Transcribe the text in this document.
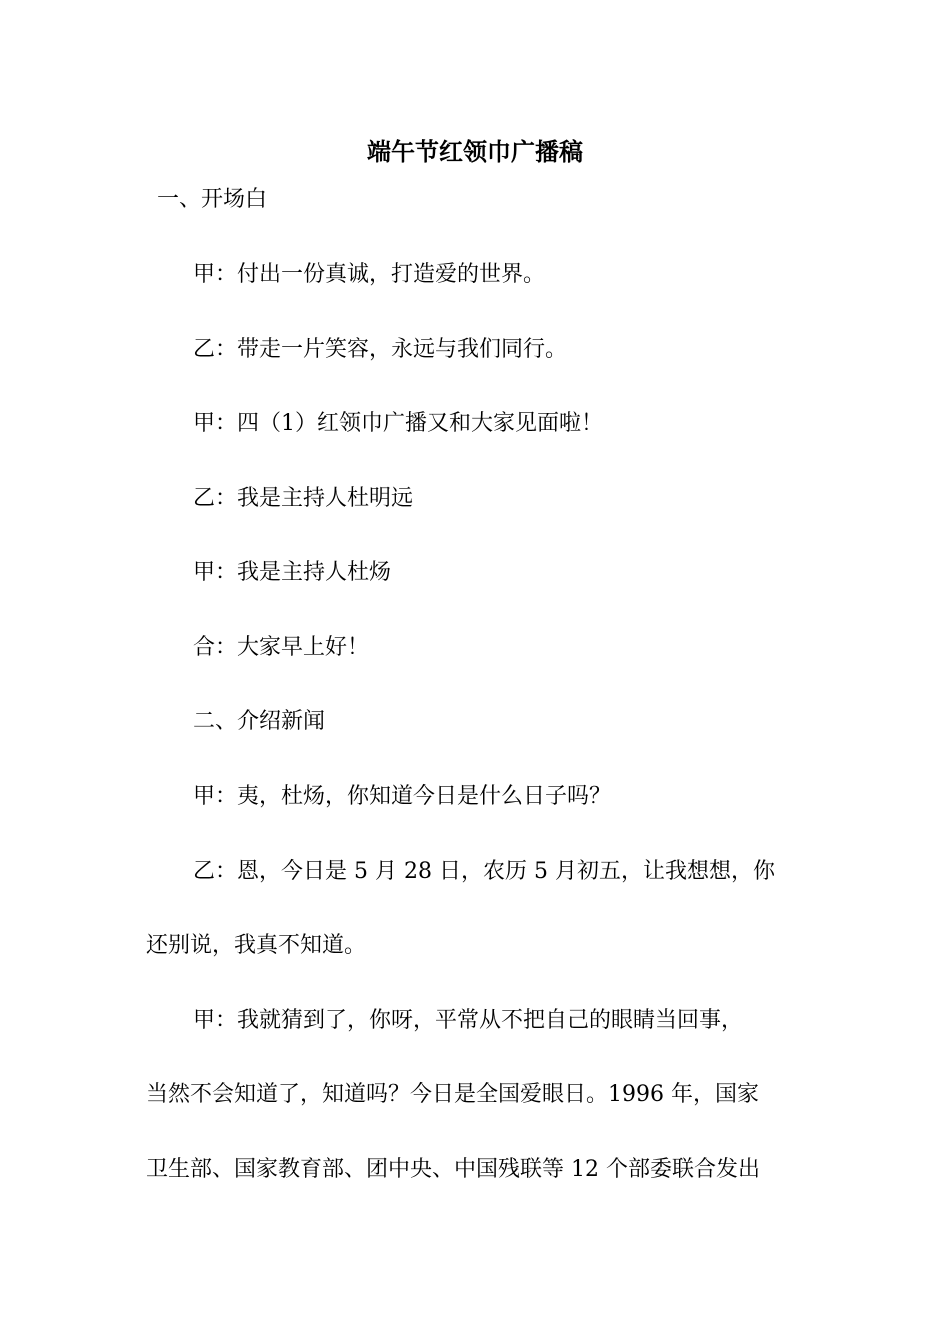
端午节红领巾广播稿
一、开场白
甲：付出一份真诚，打造爱的世界。
乙：带走一片笑容，永远与我们同行。
甲：四（1）红领巾广播又和大家见面啦！
乙：我是主持人杜明远
甲：我是主持人杜炀
合：大家早上好！
二、介绍新闻
甲：夷，杜炀，你知道今日是什么日子吗？
乙：恩，今日是 5 月 28 日，农历 5 月初五，让我想想，你
还别说，我真不知道。
甲：我就猜到了，你呀，平常从不把自己的眼睛当回事，
当然不会知道了，知道吗？今日是全国爱眼日。1996 年，国家
卫生部、国家教育部、团中央、中国残联等 12 个部委联合发出
